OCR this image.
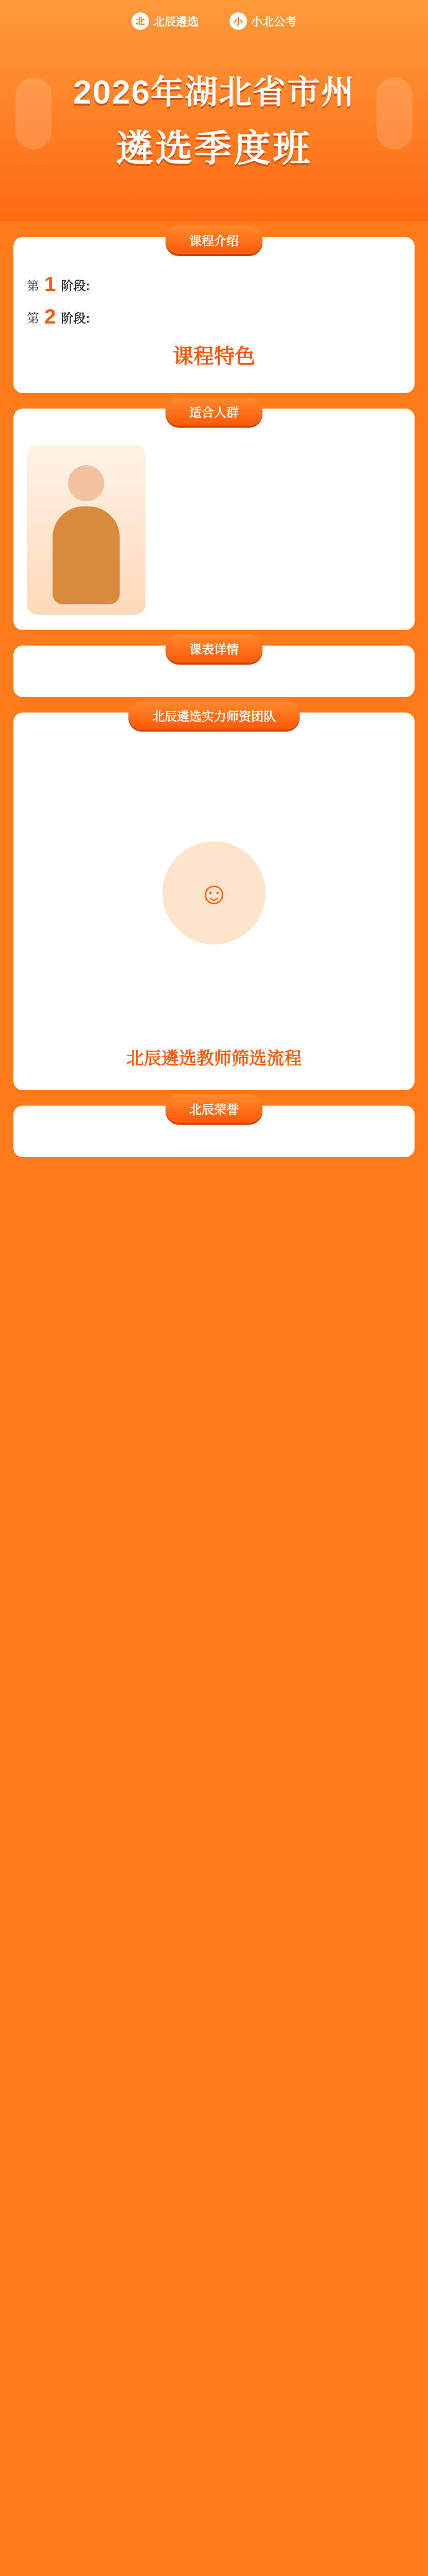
北 北辰遴选	小 小北公考
2026年湖北省市州
遴选季度班
课程介绍
第 1 阶段:
第 2 阶段:
课程特色
适合人群
课表详情
北辰遴选实力师资团队
☺
北辰遴选教师筛选流程
北辰荣誉
